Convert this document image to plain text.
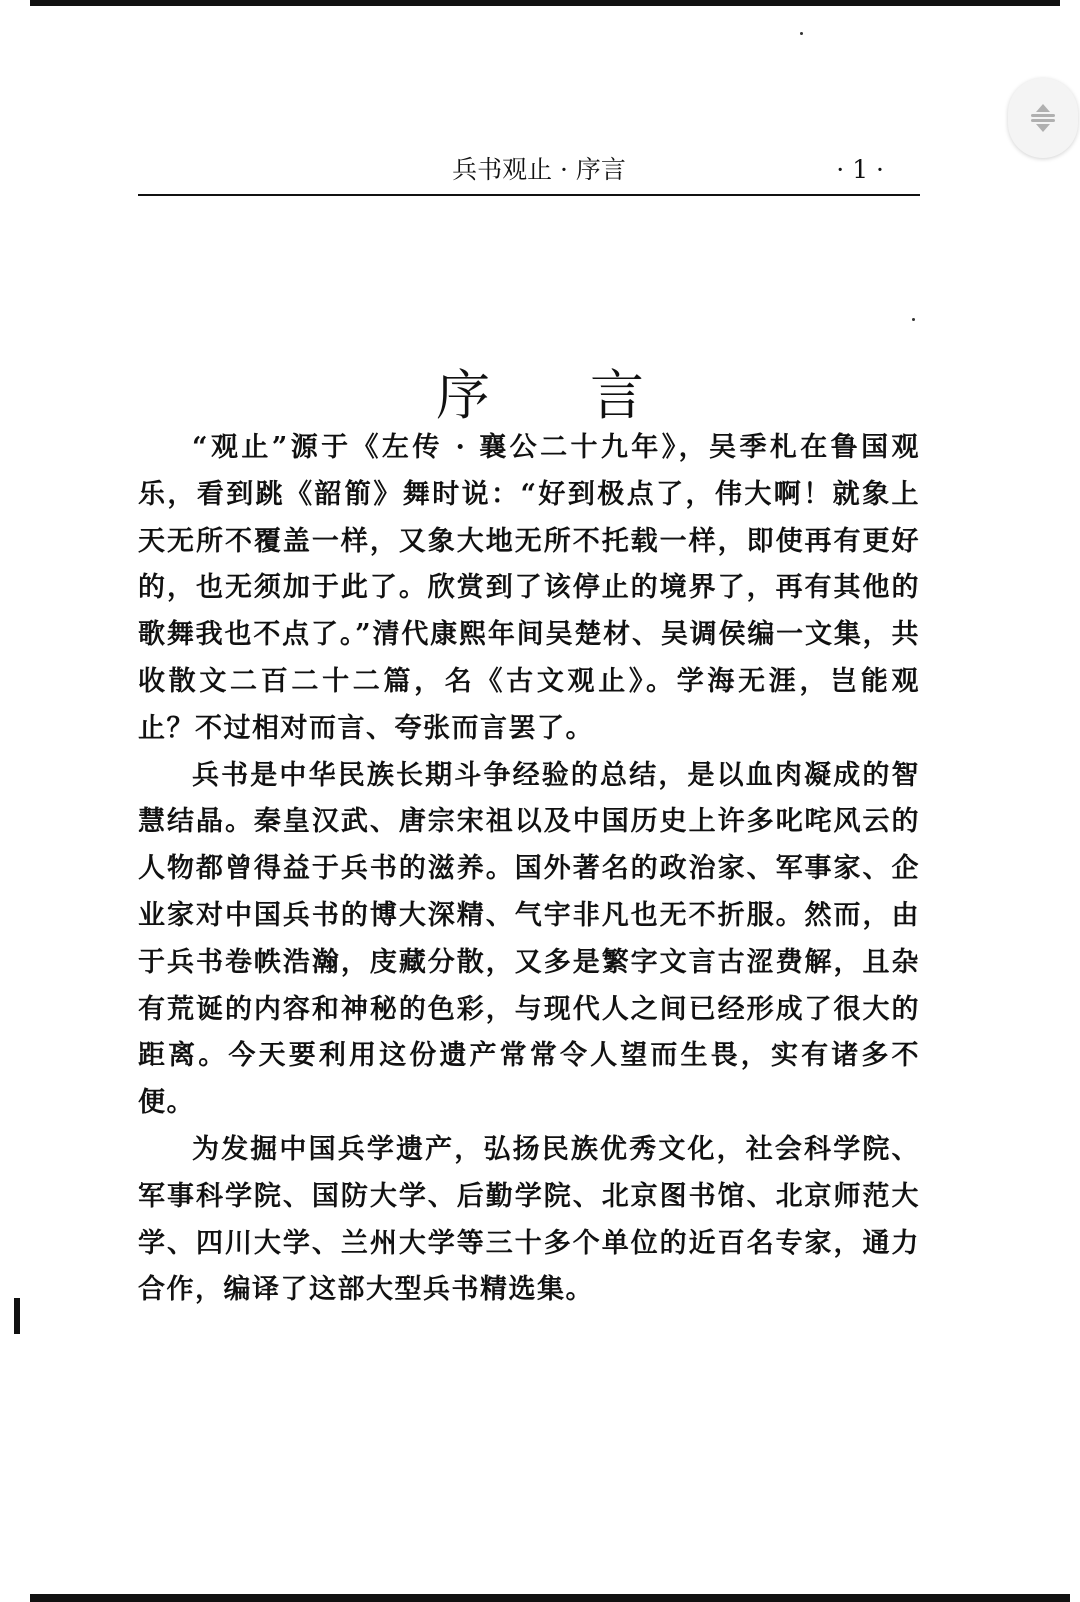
兵书观止 · 序言	· 1 ·
序言

“观止”源于《左传 · 襄公二十九年》，吴季札在鲁国观乐，看到跳《韶箾》舞时说：“好到极点了，伟大啊！就象上天无所不覆盖一样，又象大地无所不托载一样，即使再有更好的，也无须加于此了。欣赏到了该停止的境界了，再有其他的歌舞我也不点了。”清代康熙年间吴楚材、吴调侯编一文集，共收散文二百二十二篇，名《古文观止》。学海无涯，岂能观止？不过相对而言、夸张而言罢了。

兵书是中华民族长期斗争经验的总结，是以血肉凝成的智慧结晶。秦皇汉武、唐宗宋祖以及中国历史上许多叱咤风云的人物都曾得益于兵书的滋养。国外著名的政治家、军事家、企业家对中国兵书的博大深精、气宇非凡也无不折服。然而，由于兵书卷帙浩瀚，庋藏分散，又多是繁字文言古涩费解，且杂有荒诞的内容和神秘的色彩，与现代人之间已经形成了很大的距离。今天要利用这份遗产常常令人望而生畏，实有诸多不便。

为发掘中国兵学遗产，弘扬民族优秀文化，社会科学院、军事科学院、国防大学、后勤学院、北京图书馆、北京师范大学、四川大学、兰州大学等三十多个单位的近百名专家，通力合作，编译了这部大型兵书精选集。
